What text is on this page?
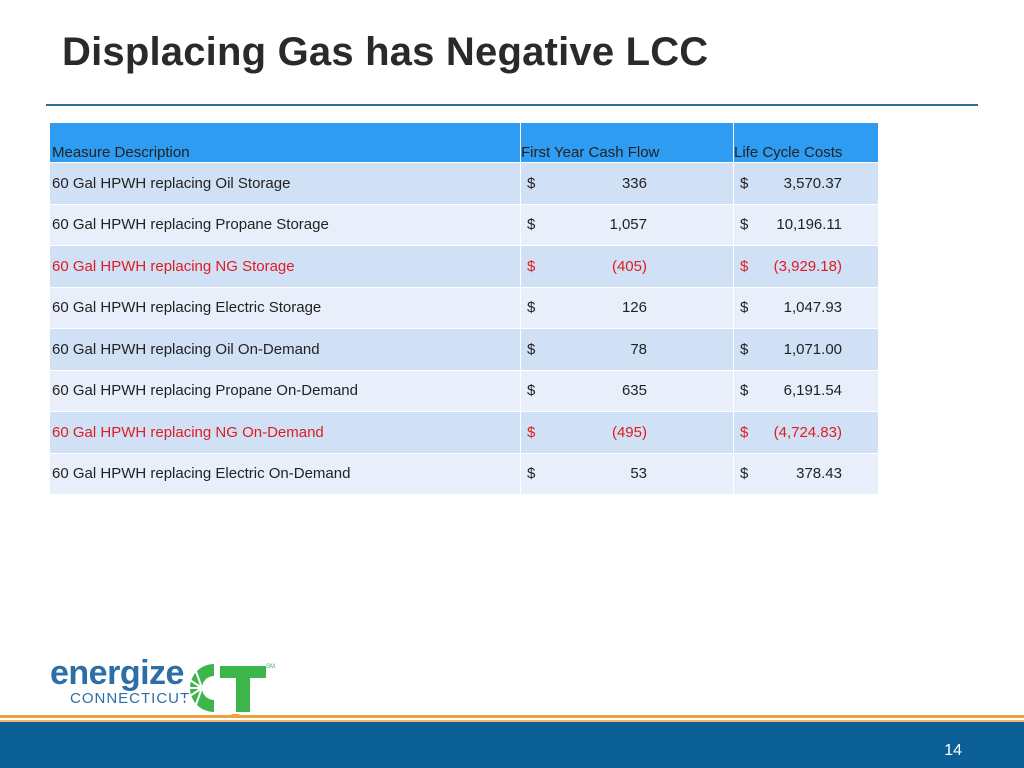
Displacing Gas has Negative LCC
Measure Description	First Year Cash Flow	Life Cycle Costs
60 Gal HPWH replacing Oil Storage	$	336	$	3,570.37
60 Gal HPWH replacing Propane Storage	$	1,057	$	10,196.11
60 Gal HPWH replacing NG Storage	$	(405)	$	(3,929.18)
60 Gal HPWH replacing Electric Storage	$	126	$	1,047.93
60 Gal HPWH replacing Oil On-Demand	$	78	$	1,071.00
60 Gal HPWH replacing Propane On-Demand	$	635	$	6,191.54
60 Gal HPWH replacing NG On-Demand	$	(495)	$	(4,724.83)
60 Gal HPWH replacing Electric On-Demand	$	53	$	378.43
energize
CONNECTICUT
SM
14
